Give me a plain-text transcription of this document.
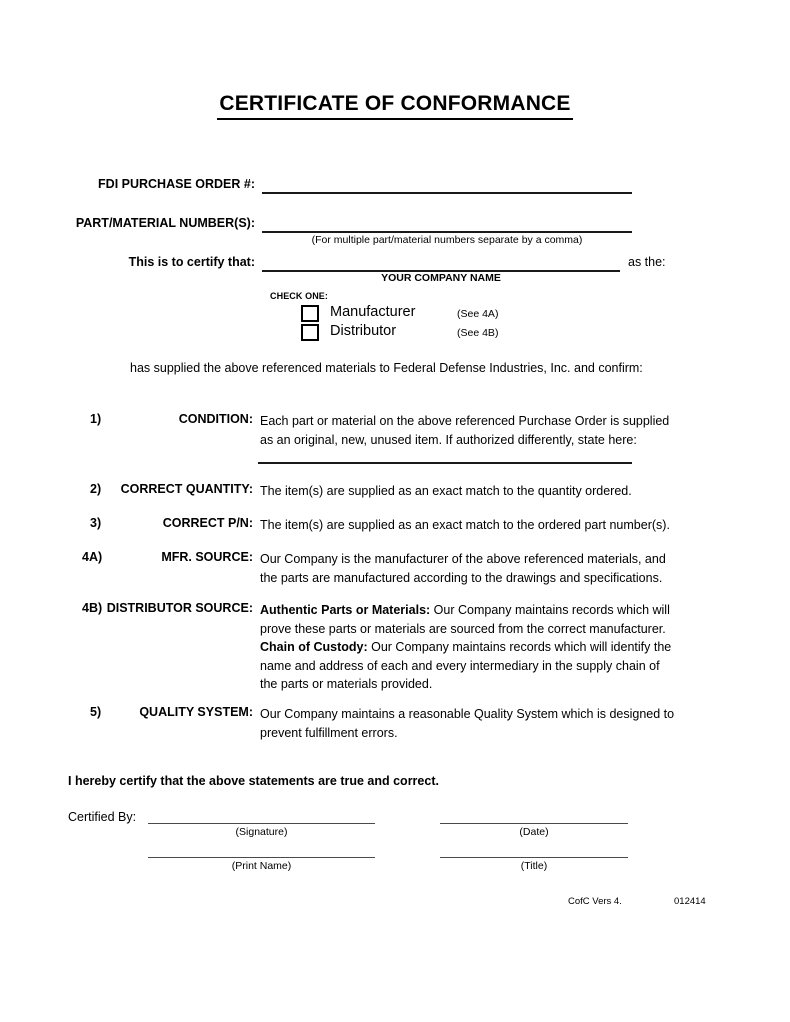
CERTIFICATE OF CONFORMANCE
FDI PURCHASE ORDER #:
PART/MATERIAL NUMBER(S):
(For multiple part/material numbers separate by a comma)
This is to certify that:	as the:
YOUR COMPANY NAME
CHECK ONE:
Manufacturer	(See 4A)
Distributor	(See 4B)
has supplied the above referenced materials to Federal Defense Industries, Inc. and confirm:
1)	CONDITION: Each part or material on the above referenced Purchase Order is supplied
as an original, new, unused item. If authorized differently, state here:
2)	CORRECT QUANTITY: The item(s) are supplied as an exact match to the quantity ordered.
3)	CORRECT P/N: The item(s) are supplied as an exact match to the ordered part number(s).
4A)	MFR. SOURCE: Our Company is the manufacturer of the above referenced materials, and
the parts are manufactured according to the drawings and specifications.
4B) DISTRIBUTOR SOURCE: Authentic Parts or Materials: Our Company maintains records which will
prove these parts or materials are sourced from the correct manufacturer.
Chain of Custody: Our Company maintains records which will identify the
name and address of each and every intermediary in the supply chain of
the parts or materials provided.
5)	QUALITY SYSTEM: Our Company maintains a reasonable Quality System which is designed to
prevent fulfillment errors.
I hereby certify that the above statements are true and correct.
Certified By:
(Signature)	(Date)
(Print Name)	(Title)
CofC Vers 4.	012414
